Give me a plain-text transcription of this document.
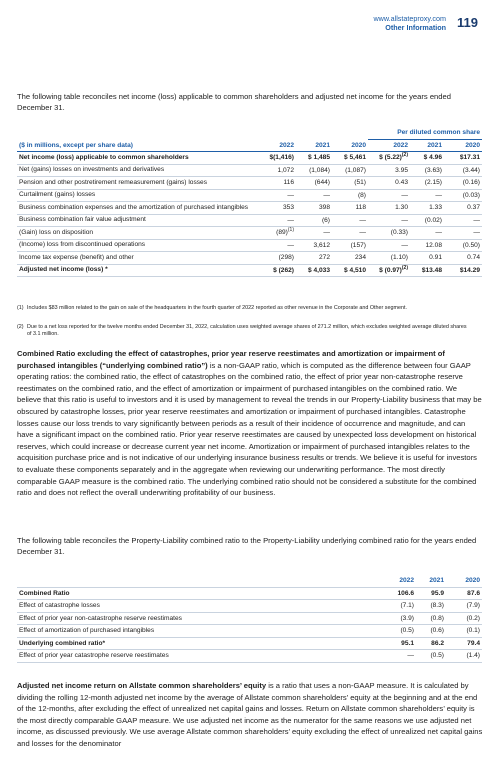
www.allstateproxy.com
Other Information 119

The following table reconciles net income (loss) applicable to common shareholders and adjusted net income for the years ended December 31.

				Per diluted common share		
($ in millions, except per share data)	2022	2021	2020	2022	2021	2020
Net income (loss) applicable to common shareholders	$(1,416)	$ 1,485	$ 5,461	$ $(5.22)^{(2)}$	$ 4.96	$17.31
Net (gains) losses on investments and derivatives	1,072	(1,084)	(1,087)	3.95	(3.63)	(3.44)
Pension and other postretirement remeasurement (gains) losses	116	(644)	(51)	0.43	(2.15)	(0.16)
Curtailment (gains) losses	—	—	(8)	—	—	(0.03)
Business combination expenses and the amortization of purchased intangibles	353	398	118	1.30	1.33	0.37
Business combination fair value adjustment	—	(6)	—	—	(0.02)	—
(Gain) loss on disposition	$(89)^{(1)}$	—	—	(0.33)	—	—
(Income) loss from discontinued operations	—	3,612	(157)	—	12.08	(0.50)
Income tax expense (benefit) and other	(298)	272	234	(1.10)	0.91	0.74
Adjusted net income (loss) *	$ (262)	$ 4,033	$ 4,510	$ $(0.97)^{(2)}$	$13.48	$14.29
(1) Includes $83 million related to the gain on sale of the headquarters in the fourth quarter of 2022 reported as other revenue in the Corporate and Other segment.
(2) Due to a net loss reported for the twelve months ended December 31, 2022, calculation uses weighted average shares of 271.2 million, which excludes weighted average diluted shares of 3.1 million.

Combined Ratio excluding the effect of catastrophes, prior year reserve reestimates and amortization or impairment of purchased intangibles (“underlying combined ratio”) is a non-GAAP ratio, which is computed as the difference between four GAAP operating ratios: the combined ratio, the effect of catastrophes on the combined ratio, the effect of prior year non-catastrophe reserve reestimates on the combined ratio, and the effect of amortization or impairment of purchased intangibles on the combined ratio. We believe that this ratio is useful to investors and it is used by management to reveal the trends in our Property-Liability business that may be obscured by catastrophe losses, prior year reserve reestimates and amortization or impairment of purchased intangibles. Catastrophe losses cause our loss trends to vary significantly between periods as a result of their incidence of occurrence and magnitude, and can have a significant impact on the combined ratio. Prior year reserve reestimates are caused by unexpected loss development on historical reserves, which could increase or decrease current year net income. Amortization or impairment of purchased intangibles relates to the acquisition purchase price and is not indicative of our underlying insurance business results or trends. We believe it is useful for investors to evaluate these components separately and in the aggregate when reviewing our underwriting performance. The most directly comparable GAAP measure is the combined ratio. The underlying combined ratio should not be considered a substitute for the combined ratio and does not reflect the overall underwriting profitability of our business.

The following table reconciles the Property-Liability combined ratio to the Property-Liability underlying combined ratio for the years ended December 31.

	2022	2021	2020
Combined Ratio	106.6	95.9	87.6
Effect of catastrophe losses	(7.1)	(8.3)	(7.9)
Effect of prior year non-catastrophe reserve reestimates	(3.9)	(0.8)	(0.2)
Effect of amortization of purchased intangibles	(0.5)	(0.6)	(0.1)
Underlying combined ratio*	95.1	86.2	79.4
Effect of prior year catastrophe reserve reestimates	—	(0.5)	(1.4)

Adjusted net income return on Allstate common shareholders’ equity is a ratio that uses a non-GAAP measure. It is calculated by dividing the rolling 12-month adjusted net income by the average of Allstate common shareholders’ equity at the beginning and at the end of the 12-months, after excluding the effect of unrealized net capital gains and losses. Return on Allstate common shareholders’ equity is the most directly comparable GAAP measure. We use adjusted net income as the numerator for the same reasons we use adjusted net income, as discussed previously. We use average Allstate common shareholders’ equity excluding the effect of unrealized net capital gains and losses for the denominator
